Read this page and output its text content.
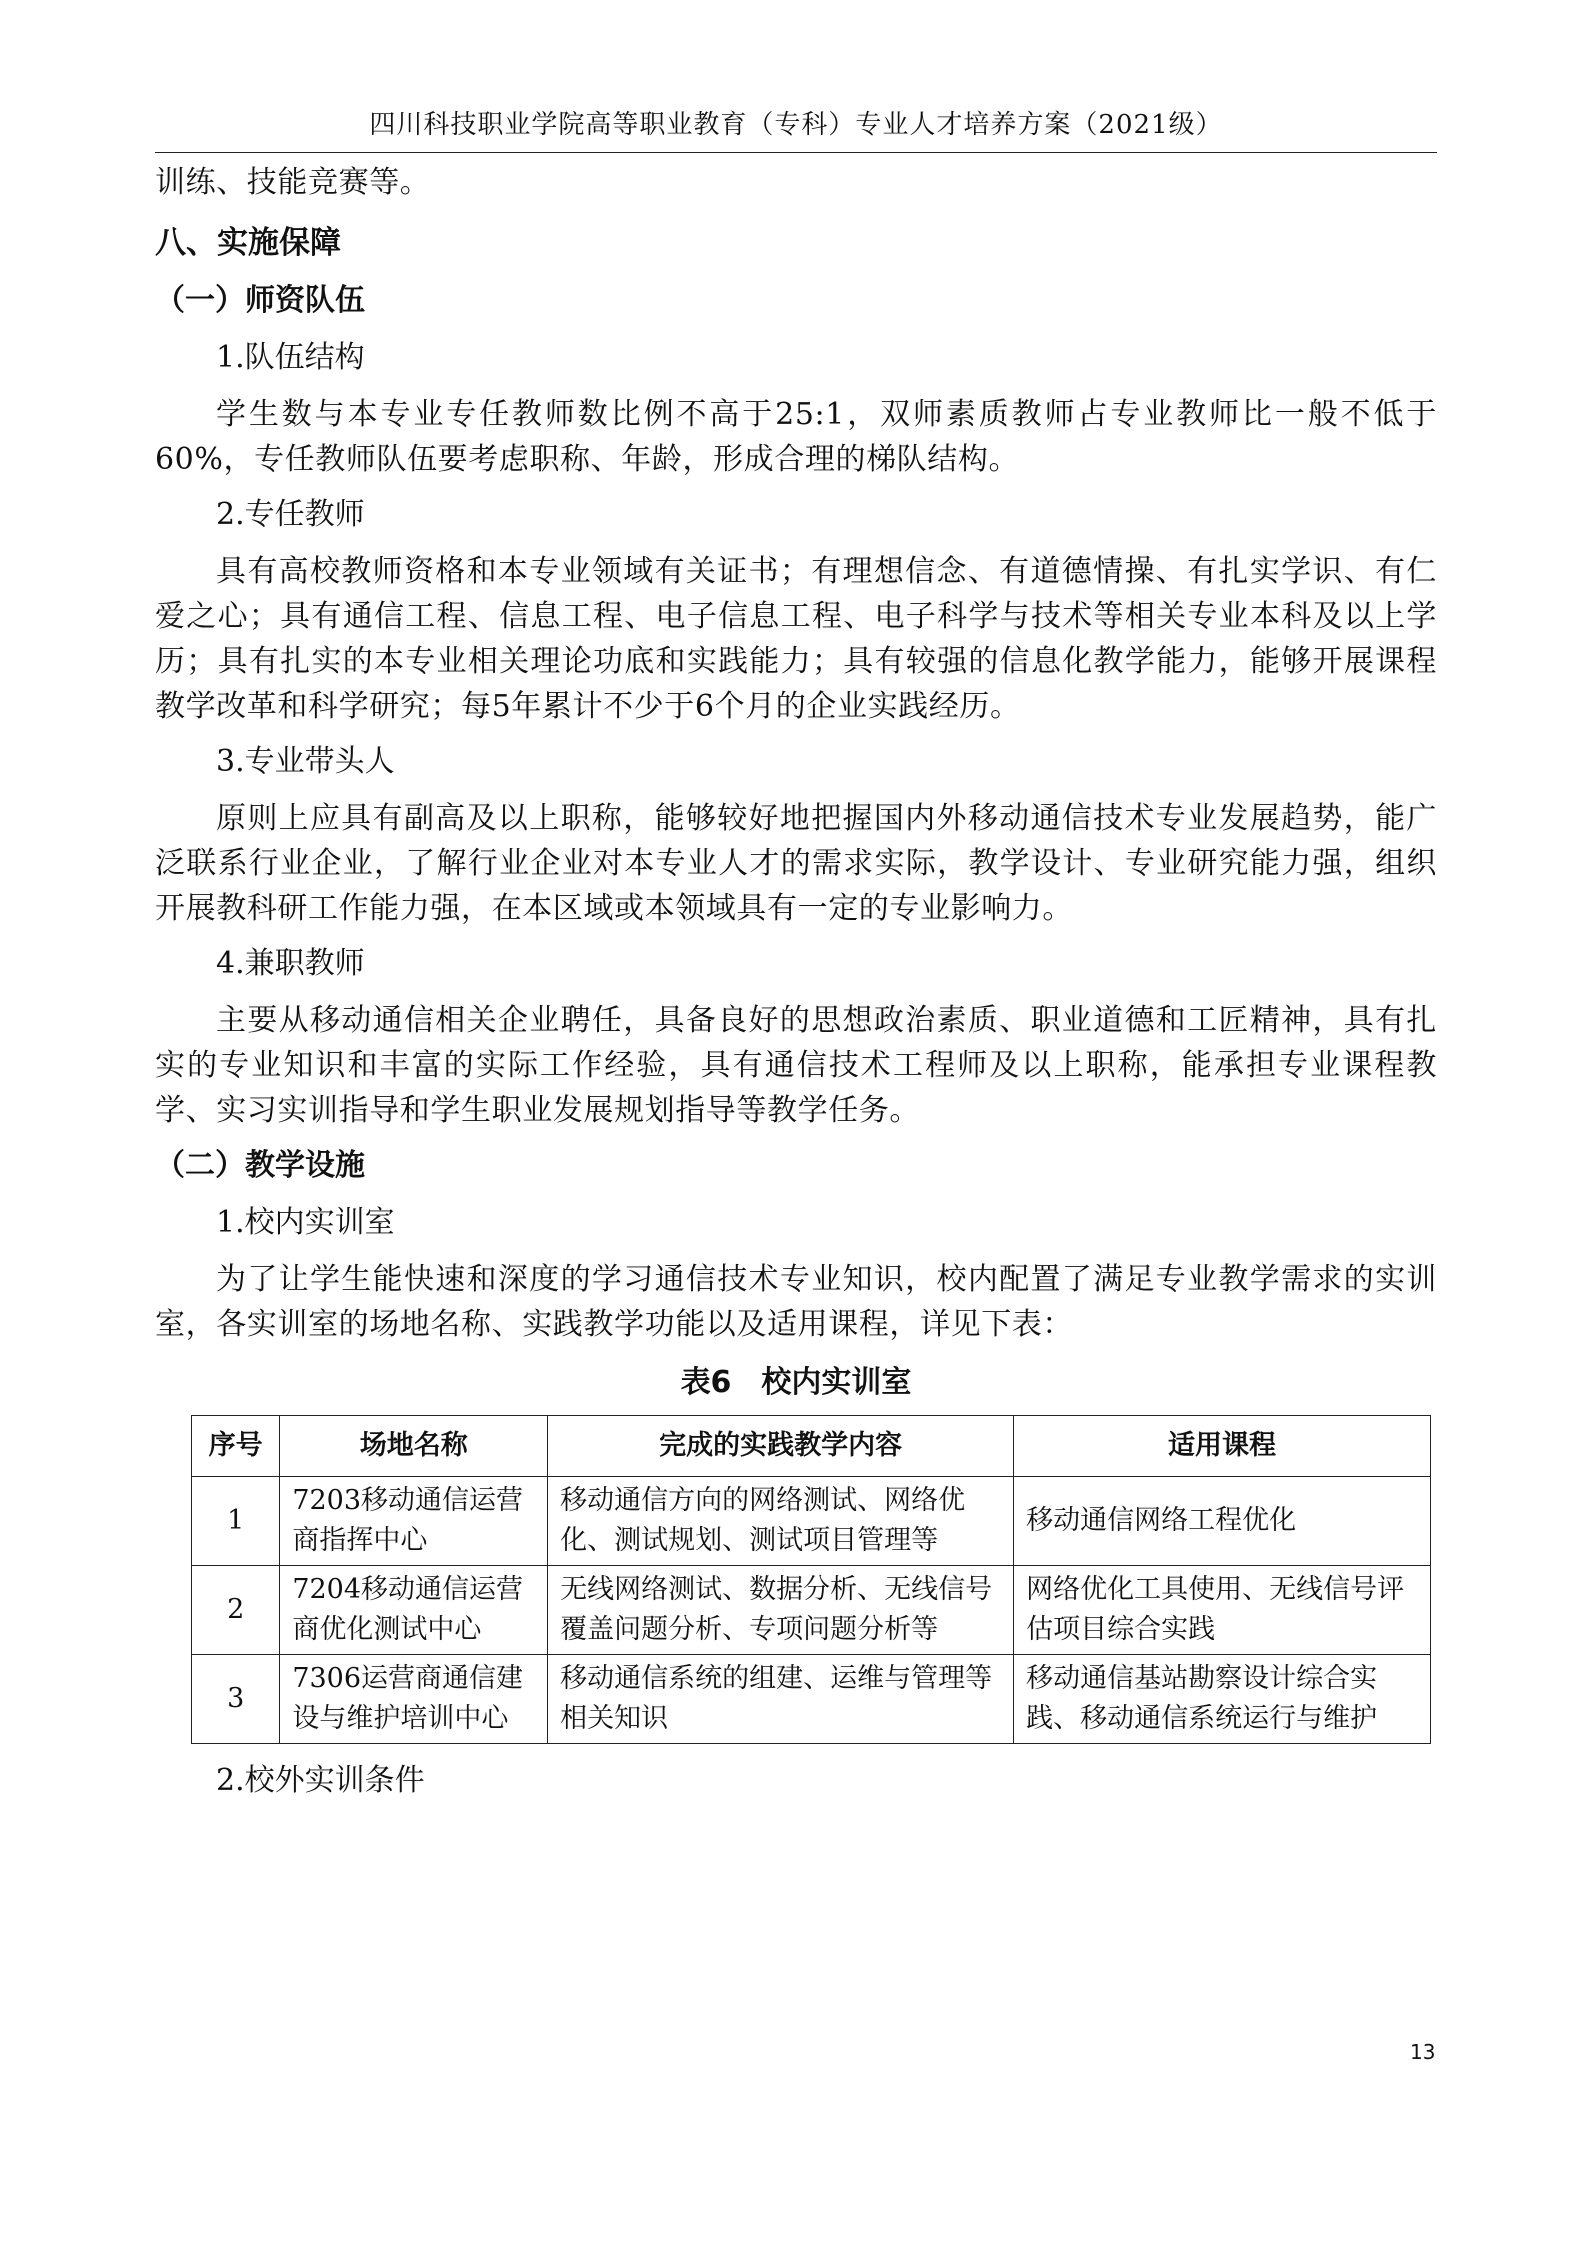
四川科技职业学院高等职业教育（专科）专业人才培养方案（2021级）

训练、技能竞赛等。

八、实施保障
（一）师资队伍
1.队伍结构

学生数与本专业专任教师数比例不高于25:1，双师素质教师占专业教师比一般不低于60%，专任教师队伍要考虑职称、年龄，形成合理的梯队结构。

2.专任教师

具有高校教师资格和本专业领域有关证书；有理想信念、有道德情操、有扎实学识、有仁爱之心；具有通信工程、信息工程、电子信息工程、电子科学与技术等相关专业本科及以上学历；具有扎实的本专业相关理论功底和实践能力；具有较强的信息化教学能力，能够开展课程教学改革和科学研究；每5年累计不少于6个月的企业实践经历。

3.专业带头人

原则上应具有副高及以上职称，能够较好地把握国内外移动通信技术专业发展趋势，能广泛联系行业企业，了解行业企业对本专业人才的需求实际，教学设计、专业研究能力强，组织开展教科研工作能力强，在本区域或本领域具有一定的专业影响力。

4.兼职教师

主要从移动通信相关企业聘任，具备良好的思想政治素质、职业道德和工匠精神，具有扎实的专业知识和丰富的实际工作经验，具有通信技术工程师及以上职称，能承担专业课程教学、实习实训指导和学生职业发展规划指导等教学任务。

（二）教学设施
1.校内实训室

为了让学生能快速和深度的学习通信技术专业知识，校内配置了满足专业教学需求的实训室，各实训室的场地名称、实践教学功能以及适用课程，详见下表：

表6　校内实训室
序号	场地名称	完成的实践教学内容	适用课程
1	7203移动通信运营商指挥中心	移动通信方向的网络测试、网络优化、测试规划、测试项目管理等	移动通信网络工程优化
2	7204移动通信运营商优化测试中心	无线网络测试、数据分析、无线信号覆盖问题分析、专项问题分析等	网络优化工具使用、无线信号评估项目综合实践
3	7306运营商通信建设与维护培训中心	移动通信系统的组建、运维与管理等相关知识	移动通信基站勘察设计综合实践、移动通信系统运行与维护
2.校外实训条件
13
